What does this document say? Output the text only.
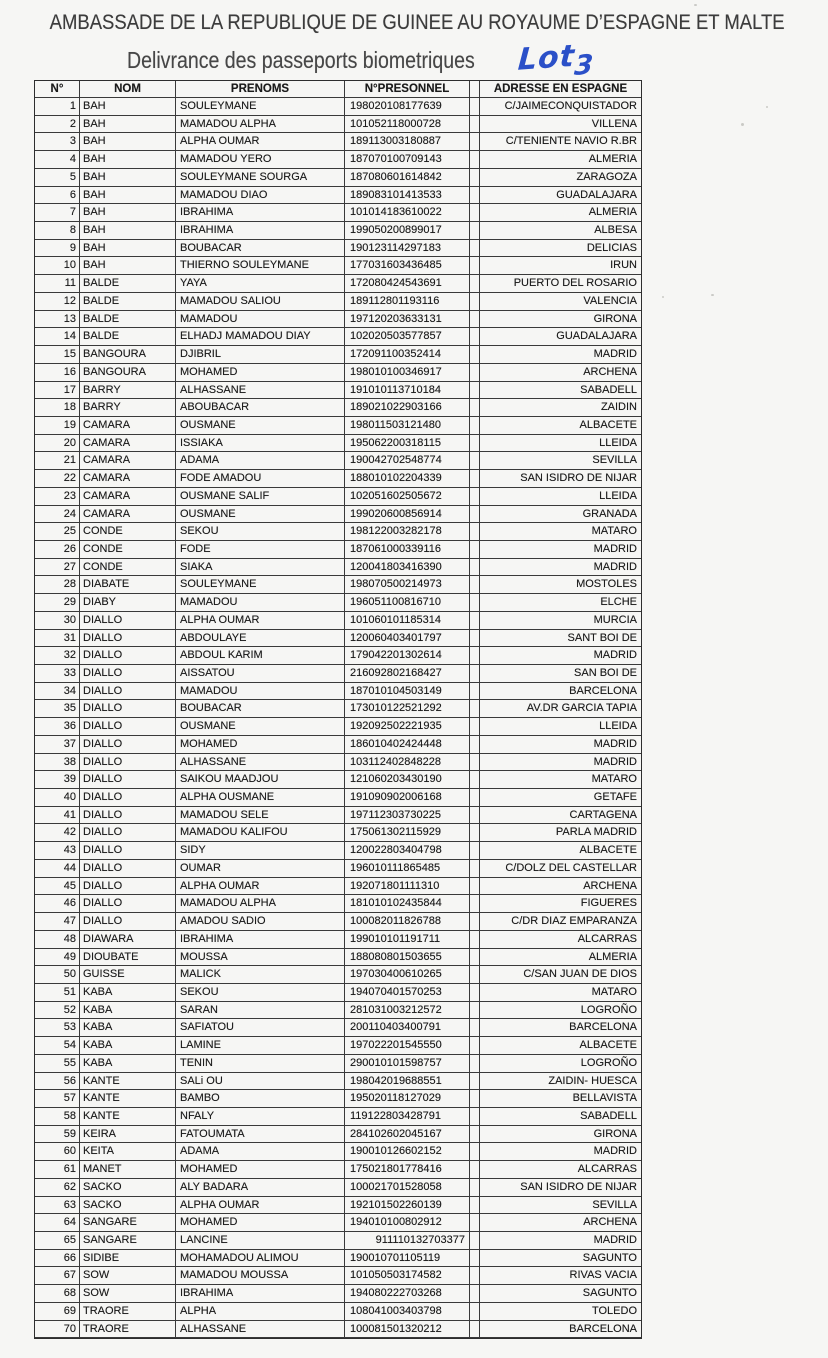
AMBASSADE DE LA REPUBLIQUE DE GUINEE AU ROYAUME D’ESPAGNE ET MALTE
Delivrance des passeports biometriques Lot3
N°	NOM	PRENOMS	N°PRESONNEL	ADRESSE EN ESPAGNE
1 BAH	SOULEYMANE	198020108177639	C/JAIMECONQUISTADOR
2 BAH	MAMADOU ALPHA	101052118000728	VILLENA
3 BAH	ALPHA OUMAR	189113003180887	C/TENIENTE NAVIO R.BR
4 BAH	MAMADOU YERO	187070100709143	ALMERIA
5 BAH	SOULEYMANE SOURGA	187080601614842	ZARAGOZA
6 BAH	MAMADOU DIAO	189083101413533	GUADALAJARA
7 BAH	IBRAHIMA	101014183610022	ALMERIA
8 BAH	IBRAHIMA	199050200899017	ALBESA
9 BAH	BOUBACAR	190123114297183	DELICIAS
10 BAH	THIERNO SOULEYMANE	177031603436485	IRUN
11 BALDE	YAYA	172080424543691	PUERTO DEL ROSARIO
12 BALDE	MAMADOU SALIOU	189112801193116	VALENCIA
13 BALDE	MAMADOU	197120203633131	GIRONA
14 BALDE	ELHADJ MAMADOU DIAY	102020503577857	GUADALAJARA
15 BANGOURA	DJIBRIL	172091100352414	MADRID
16 BANGOURA	MOHAMED	198010100346917	ARCHENA
17 BARRY	ALHASSANE	191010113710184	SABADELL
18 BARRY	ABOUBACAR	189021022903166	ZAIDIN
19 CAMARA	OUSMANE	198011503121480	ALBACETE
20 CAMARA	ISSIAKA	195062200318115	LLEIDA
21 CAMARA	ADAMA	190042702548774	SEVILLA
22 CAMARA	FODE AMADOU	188010102204339	SAN ISIDRO DE NIJAR
23 CAMARA	OUSMANE SALIF	102051602505672	LLEIDA
24 CAMARA	OUSMANE	199020600856914	GRANADA
25 CONDE	SEKOU	198122003282178	MATARO
26 CONDE	FODE	187061000339116	MADRID
27 CONDE	SIAKA	120041803416390	MADRID
28 DIABATE	SOULEYMANE	198070500214973	MOSTOLES
29 DIABY	MAMADOU	196051100816710	ELCHE
30 DIALLO	ALPHA OUMAR	101060101185314	MURCIA
31 DIALLO	ABDOULAYE	120060403401797	SANT BOI DE
32 DIALLO	ABDOUL KARIM	179042201302614	MADRID
33 DIALLO	AISSATOU	216092802168427	SAN BOI DE
34 DIALLO	MAMADOU	187010104503149	BARCELONA
35 DIALLO	BOUBACAR	173010122521292	AV.DR GARCIA TAPIA
36 DIALLO	OUSMANE	192092502221935	LLEIDA
37 DIALLO	MOHAMED	186010402424448	MADRID
38 DIALLO	ALHASSANE	103112402848228	MADRID
39 DIALLO	SAIKOU MAADJOU	121060203430190	MATARO
40 DIALLO	ALPHA OUSMANE	191090902006168	GETAFE
41 DIALLO	MAMADOU SELE	197112303730225	CARTAGENA
42 DIALLO	MAMADOU KALIFOU	175061302115929	PARLA MADRID
43 DIALLO	SIDY	120022803404798	ALBACETE
44 DIALLO	OUMAR	196010111865485	C/DOLZ DEL CASTELLAR
45 DIALLO	ALPHA OUMAR	192071801111310	ARCHENA
46 DIALLO	MAMADOU ALPHA	181010102435844	FIGUERES
47 DIALLO	AMADOU SADIO	100082011826788	C/DR DIAZ EMPARANZA
48 DIAWARA	IBRAHIMA	199010101191711	ALCARRAS
49 DIOUBATE	MOUSSA	188080801503655	ALMERIA
50 GUISSE	MALICK	197030400610265	C/SAN JUAN DE DIOS
51 KABA	SEKOU	194070401570253	MATARO
52 KABA	SARAN	281031003212572	LOGROÑO
53 KABA	SAFIATOU	200110403400791	BARCELONA
54 KABA	LAMINE	197022201545550	ALBACETE
55 KABA	TENIN	290010101598757	LOGROÑO
56 KANTE	SALi OU	198042019688551	ZAIDIN- HUESCA
57 KANTE	BAMBO	195020118127029	BELLAVISTA
58 KANTE	NFALY	119122803428791	SABADELL
59 KEIRA	FATOUMATA	284102602045167	GIRONA
60 KEITA	ADAMA	190010126602152	MADRID
61 MANET	MOHAMED	175021801778416	ALCARRAS
62 SACKO	ALY BADARA	100021701528058	SAN ISIDRO DE NIJAR
63 SACKO	ALPHA OUMAR	192101502260139	SEVILLA
64 SANGARE	MOHAMED	194010100802912	ARCHENA
65 SANGARE	LANCINE	911110132703377	MADRID
66 SIDIBE	MOHAMADOU ALIMOU	190010701105119	SAGUNTO
67 SOW	MAMADOU MOUSSA	101050503174582	RIVAS VACIA
68 SOW	IBRAHIMA	194080222703268	SAGUNTO
69 TRAORE	ALPHA	108041003403798	TOLEDO
70 TRAORE	ALHASSANE	100081501320212	BARCELONA
